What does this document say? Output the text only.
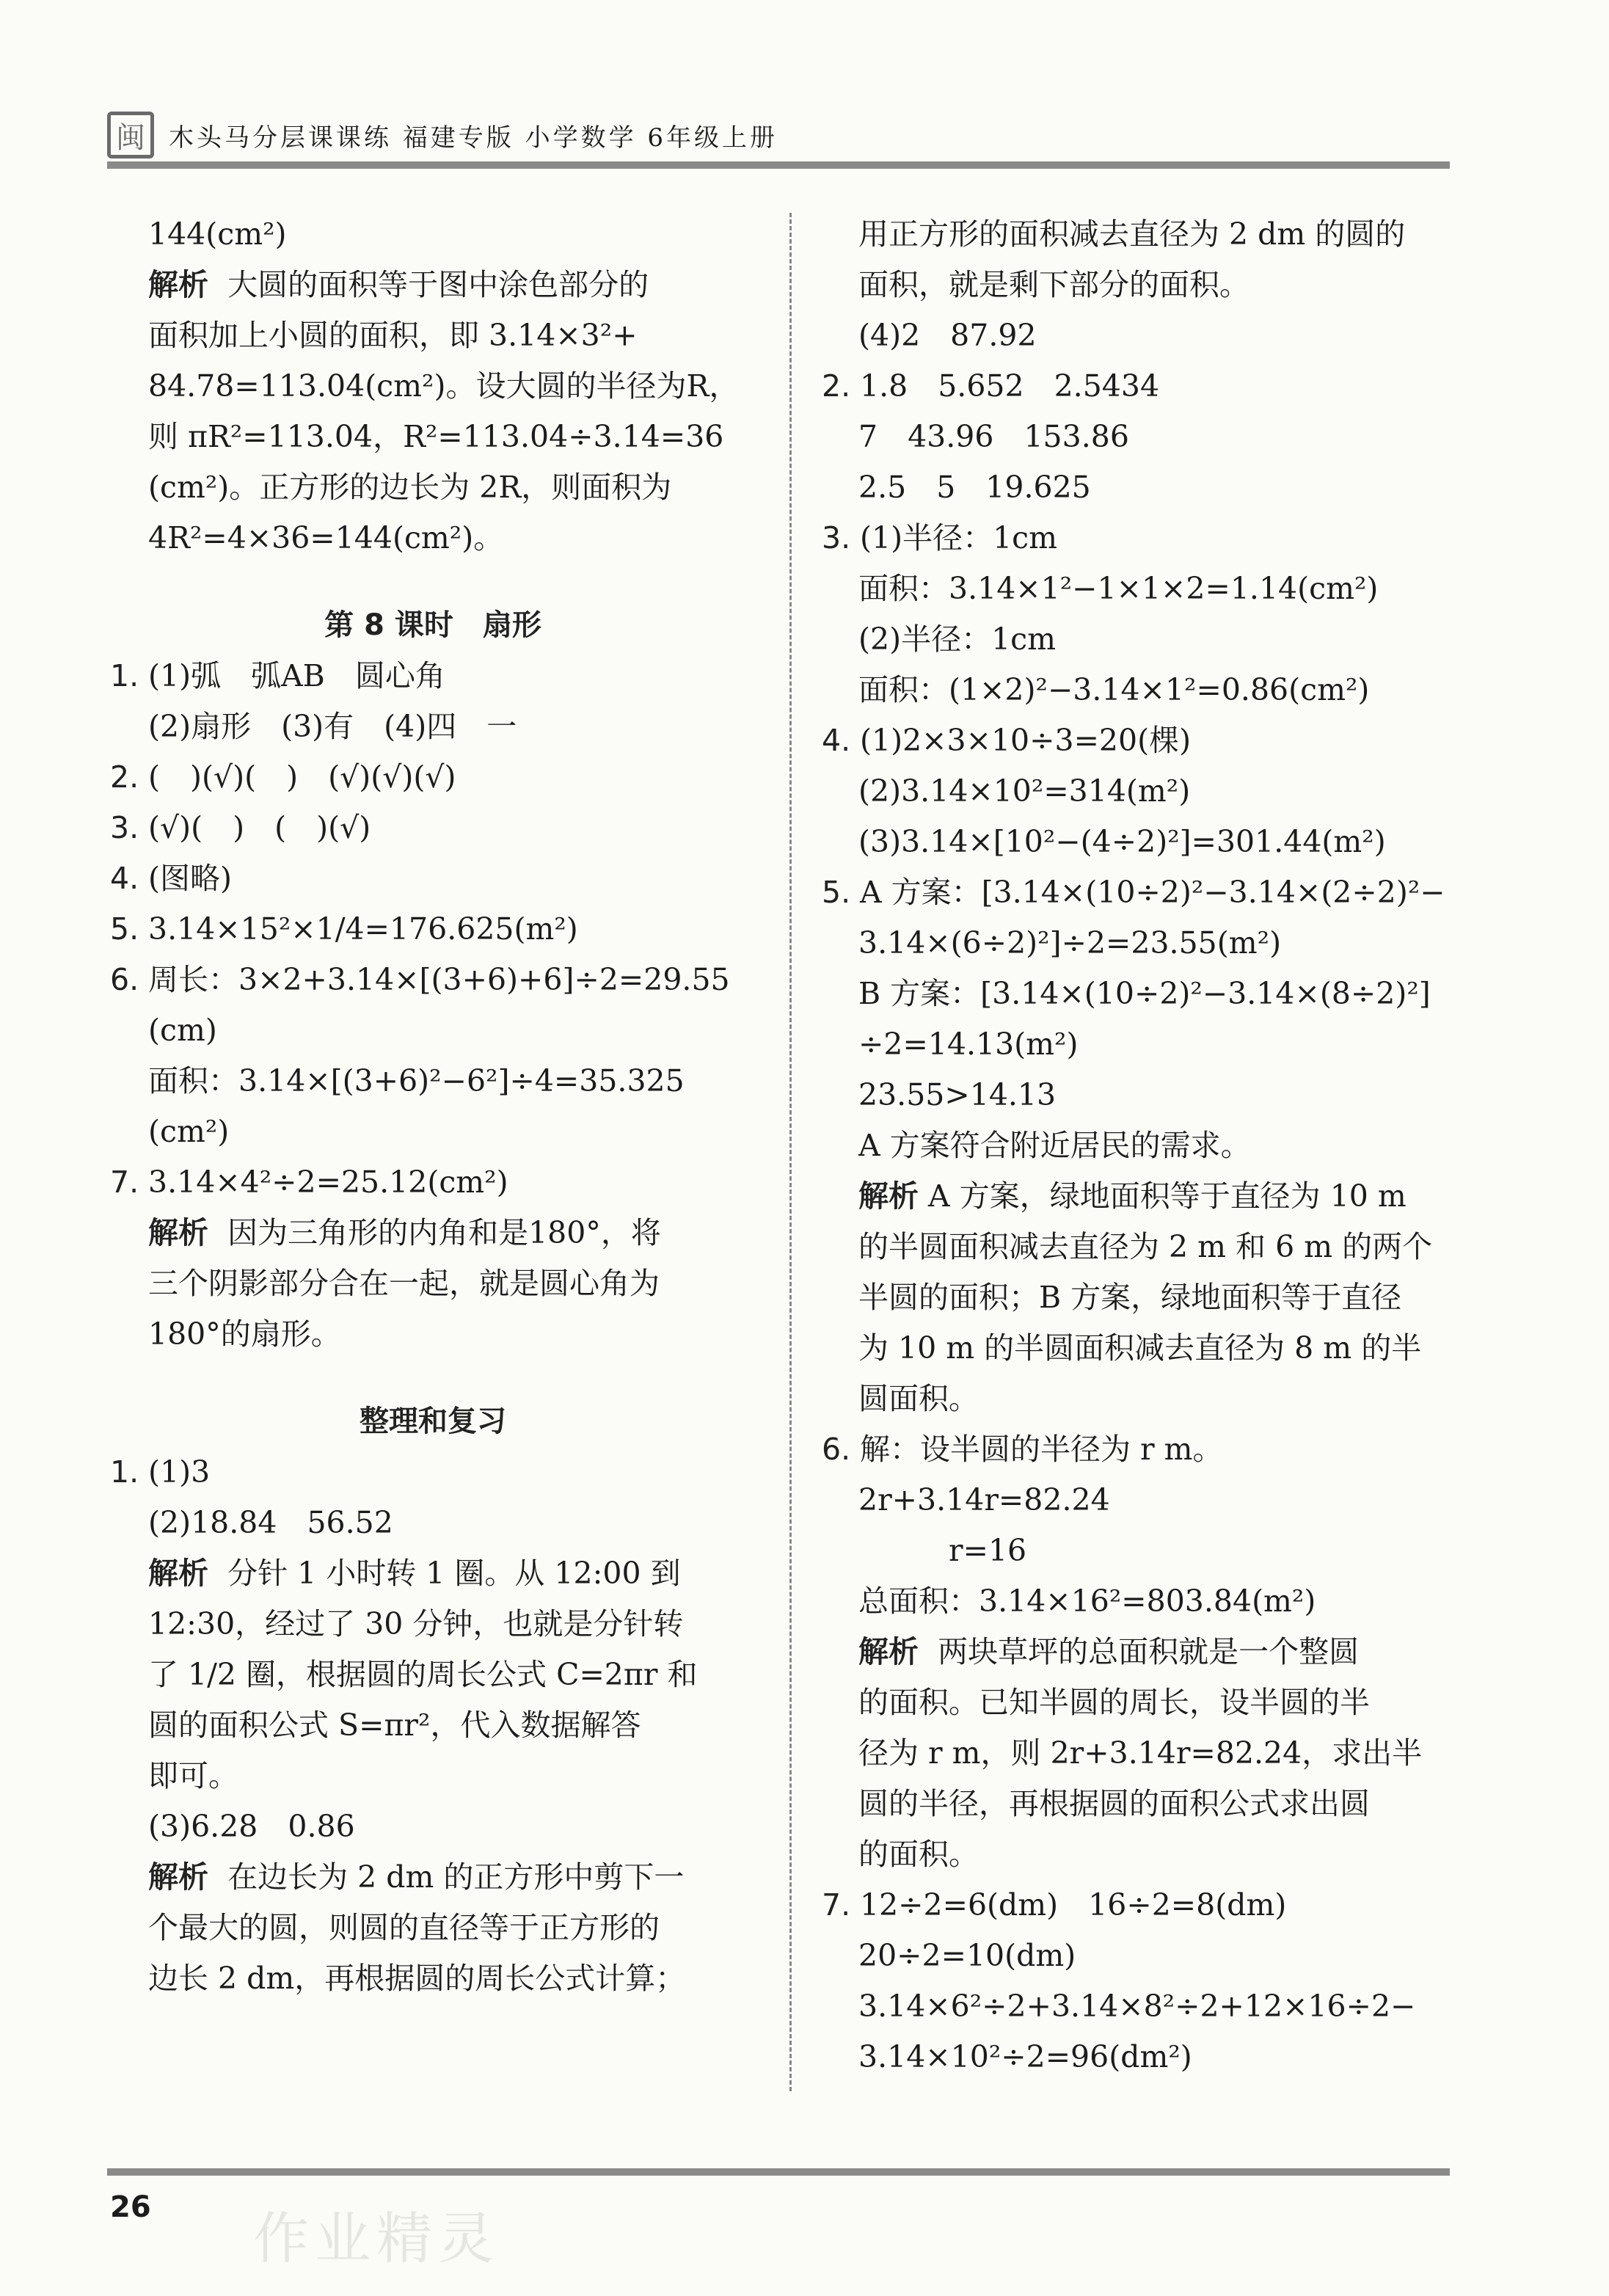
闽 木头马分层课课练 福建专版 小学数学 6年级上册
144(cm²)
解析 大圆的面积等于图中涂色部分的
面积加上小圆的面积，即 3.14×3²+
84.78=113.04(cm²)。设大圆的半径为R，
则 πR²=113.04，R²=113.04÷3.14=36
(cm²)。正方形的边长为 2R，则面积为
4R²=4×36=144(cm²)。
第 8 课时　扇形
1. (1)弧　弧AB　圆心角
(2)扇形　(3)有　(4)四　一
2. (　)(√)(　)　(√)(√)(√)
3. (√)(　)　(　)(√)
4. (图略)
5. 3.14×15²×1/4=176.625(m²)
6. 周长：3×2+3.14×[(3+6)+6]÷2=29.55
(cm)
面积：3.14×[(3+6)²−6²]÷4=35.325
(cm²)
7. 3.14×4²÷2=25.12(cm²)
解析 因为三角形的内角和是180°，将
三个阴影部分合在一起，就是圆心角为
180°的扇形。
整理和复习
1. (1)3
(2)18.84　56.52
解析 分针 1 小时转 1 圈。从 12:00 到
12:30，经过了 30 分钟，也就是分针转
了 1/2 圈，根据圆的周长公式 C=2πr 和
圆的面积公式 S=πr²，代入数据解答
即可。
(3)6.28　0.86
解析 在边长为 2 dm 的正方形中剪下一
个最大的圆，则圆的直径等于正方形的
边长 2 dm，再根据圆的周长公式计算；
用正方形的面积减去直径为 2 dm 的圆的
面积，就是剩下部分的面积。
(4)2　87.92
2. 1.8　5.652　2.5434
7　43.96　153.86
2.5　5　19.625
3. (1)半径：1cm
面积：3.14×1²−1×1×2=1.14(cm²)
(2)半径：1cm
面积：(1×2)²−3.14×1²=0.86(cm²)
4. (1)2×3×10÷3=20(棵)
(2)3.14×10²=314(m²)
(3)3.14×[10²−(4÷2)²]=301.44(m²)
5. A 方案：[3.14×(10÷2)²−3.14×(2÷2)²−
3.14×(6÷2)²]÷2=23.55(m²)
B 方案：[3.14×(10÷2)²−3.14×(8÷2)²]
÷2=14.13(m²)
23.55>14.13
A 方案符合附近居民的需求。
解析 A 方案，绿地面积等于直径为 10 m
的半圆面积减去直径为 2 m 和 6 m 的两个
半圆的面积；B 方案，绿地面积等于直径
为 10 m 的半圆面积减去直径为 8 m 的半
圆面积。
6. 解：设半圆的半径为 r m。
2r+3.14r=82.24
　　　r=16
总面积：3.14×16²=803.84(m²)
解析 两块草坪的总面积就是一个整圆
的面积。已知半圆的周长，设半圆的半
径为 r m，则 2r+3.14r=82.24，求出半
圆的半径，再根据圆的面积公式求出圆
的面积。
7. 12÷2=6(dm)　16÷2=8(dm)
20÷2=10(dm)
3.14×6²÷2+3.14×8²÷2+12×16÷2−
3.14×10²÷2=96(dm²)
26 作业精灵
